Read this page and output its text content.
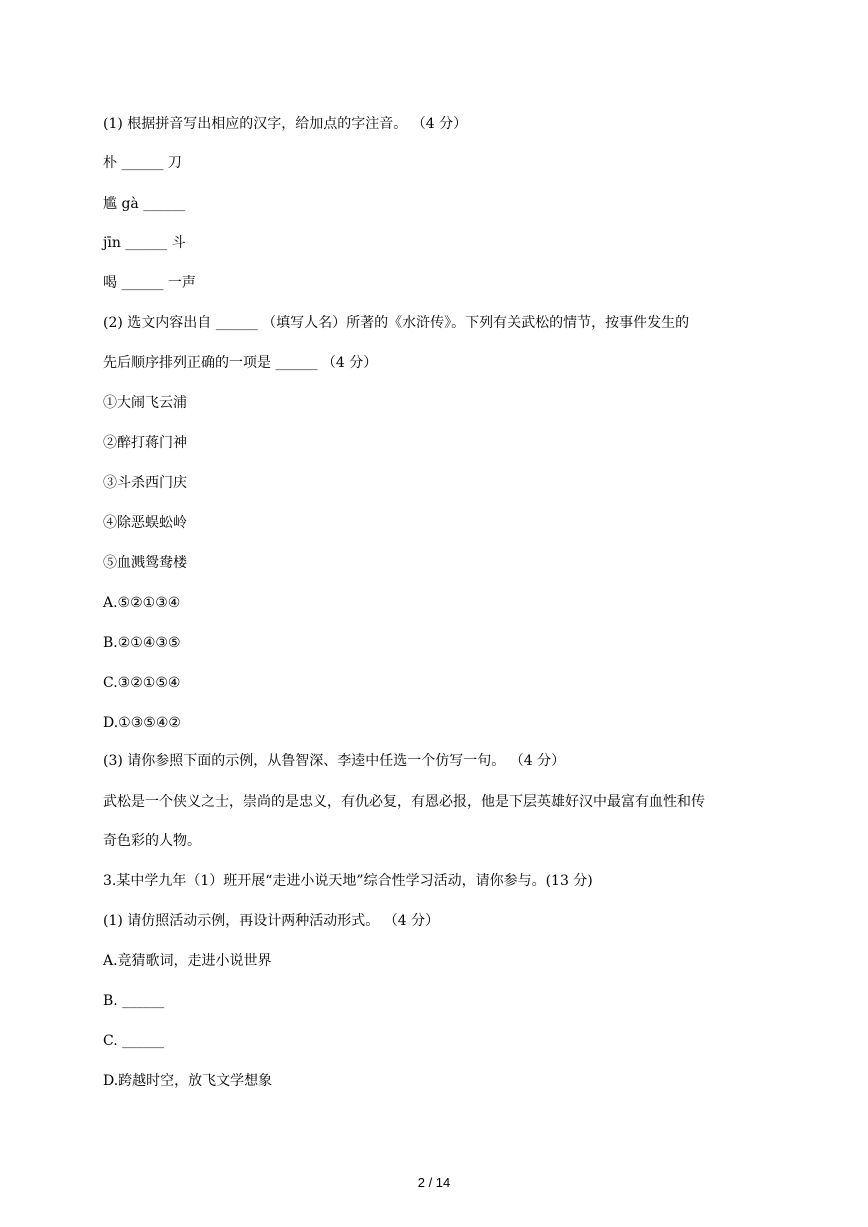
(1) 根据拼音写出相应的汉字，给加点的字注音。 （4 分）
朴 ______ 刀
尴 gà ______
jīn ______ 斗
喝 ______ 一声
(2) 选文内容出自 ______ （填写人名）所著的《水浒传》。下列有关武松的情节，按事件发生的
先后顺序排列正确的一项是 ______ （4 分）
①大闹飞云浦
②醉打蒋门神
③斗杀西门庆
④除恶蜈蚣岭
⑤血溅鸳鸯楼
A.⑤②①③④
B.②①④③⑤
C.③②①⑤④
D.①③⑤④②
(3) 请你参照下面的示例，从鲁智深、李逵中任选一个仿写一句。 （4 分）
武松是一个侠义之士，崇尚的是忠义，有仇必复，有恩必报，他是下层英雄好汉中最富有血性和传
奇色彩的人物。
3.某中学九年（1）班开展“走进小说天地”综合性学习活动，请你参与。(13 分)
(1) 请仿照活动示例，再设计两种活动形式。 （4 分）
A.竞猜歌词，走进小说世界
B. ______
C. ______
D.跨越时空，放飞文学想象
2 / 14
